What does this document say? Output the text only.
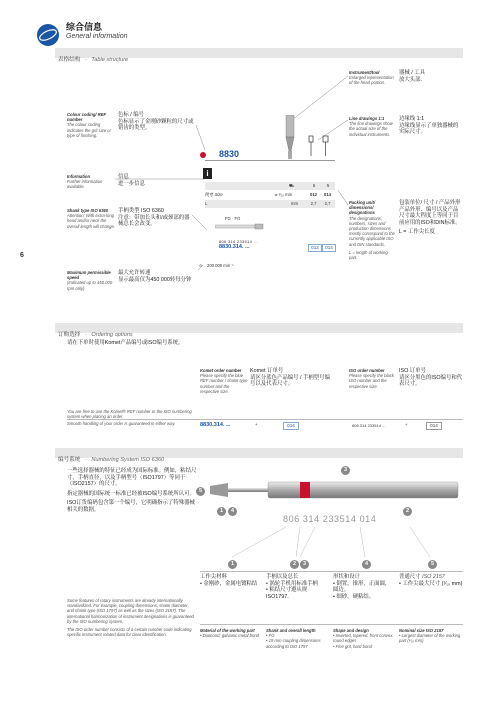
综合信息
General information
表格结构 · Table structure
6
Colour coding/ REF number
The colour coding indicates the grit size or type of finishing.
色标 / 编号
色标显示了金刚砂颗粒的尺寸或错齿的类型。
Information
Further information available.
信息
进一步信息
Shank type ISO 6360
Attention: With extra-long head and/or neck the overall length will change.
手柄类型 ISO 6360
注意：带加长头和/或颈部的器械总长会改变。
Maximum permissible speed
(Indicated up to 450.000 rpm only)
最大允许转速
显示最高仅为450 000转每分钟
Instrument/tool
Enlarged representation of the head portion.
器械 / 工具
放大头部.
Line drawings 1:1
The line drawings show the actual size of the individual instruments.
边缘线 1:1
边缘线显示了单独器械的实际尺寸。
Packing unit/ dimensions/ designations
The designations, numbers, sizes and production dimensions mostly correspond to the currently applicable ISO and DIN standards.
L = length of working part.
包装单位/ 尺寸 / 产品外形
产品外形、编号以及产品尺寸最大程度上等同于目前应用的ISO和DIN标准。
L = 工作尖长度
8830
i
⛟	5	5
尺寸 Size	⌀ ¹⁄₁₀ mm	012	014
L	mm	2,7	2,7
FG · FG
806 314 233514 ...
8830.314. ...	012	014
⊙ 200 000 min⁻¹
订购选择 · Ordering options
请在下单时使用Komet产品编号或ISO编号系统。
Komet order number
Please specify the blue REF number / shank type number and the respective size.
Komet 订单号
请区分蓝色产品编号 / 手柄型号编号以及代表尺寸。
ISO order number
Please specify the black ISO number and the respective size.
ISO 订单号
请区分黑色的ISO编号和代表尺寸。
You are free to use the Komet® REF number or the ISO numbering system when placing an order.
Smooth handling of your order is guaranteed in either way.	8830.314. ...	+	014	806 314 233514 ...	+	014
编号系统 · Numbering System ISO 6360
一些选择器械的特征已经成为国际标准。例如，粘结尺寸，手柄直径，以及手柄型号（ISO1797）等同于（ISO2157）的尺寸。
指定器械的国际统一标准已经被ISO编号系统所认可。
ISO订货编码包含第一个编号，它明确指示了特殊器械相关的数据。
3
5
1	4	2
806 314 233514 014
1	2	3	4	5
工作尖材料
• 金刚砂，金属电镀粘结
手柄以及总长
• 涡轮手机用标准手柄
• 粘结尺寸遵从规ISO1797.
形状和设计
• 倒置，锥形，正面圆，圆边。
• 细砂，硬粘结。
普通尺寸 ISO 2157
• 工作尖最大尺寸 (¹⁄₁₀ mm)
Some features of rotary instruments are already internationally standardized. For example, coupling dimensions, shank diameter, and shank type (ISO 1797) as well as the sizes (ISO 2157). The international harmonization of instrument designations is guaranteed by the ISO numbering system.
The ISO order number consists of a certain number code indicating specific instrument related data for clear identification.
Material of the working part
• Diamond, galvanic metal bond
Shank and overall length
• FG
• 19 mm coupling dimensions according to ISO 1797
Shape and design
• Inverted, tapered, front convex, round edges
• Fine grit, hard bond
Nominal size ISO 2157
• Largest diameter of the working part (¹⁄₁₀ mm)
